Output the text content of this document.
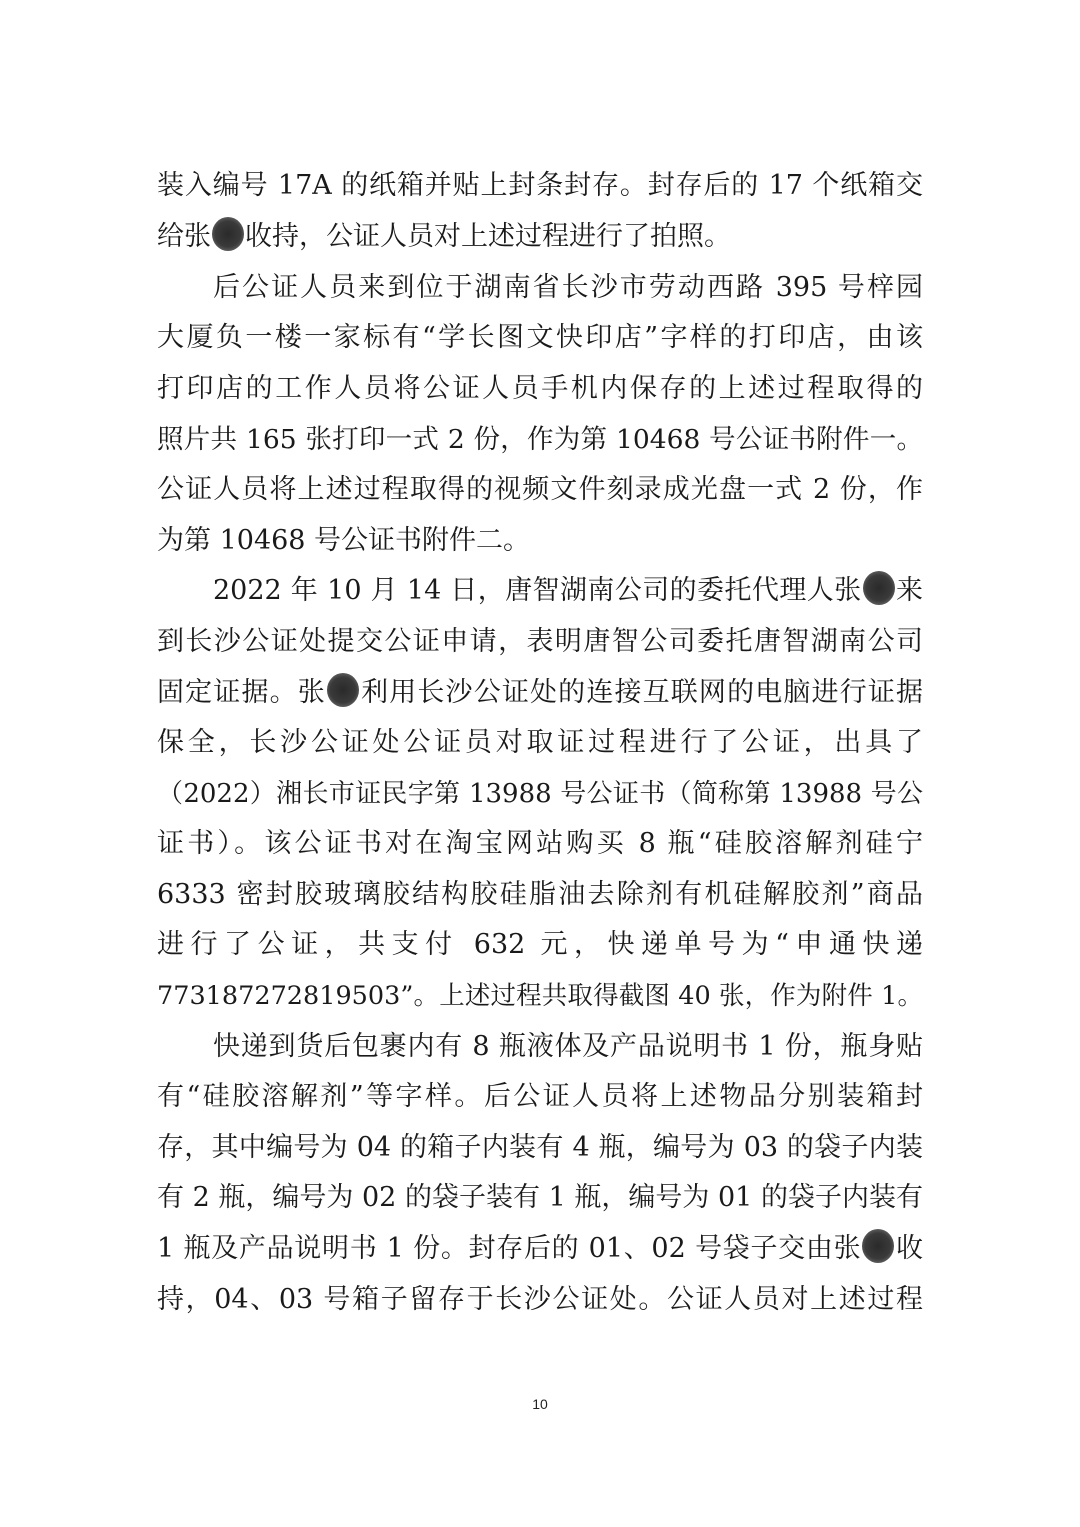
装入编号 17A 的纸箱并贴上封条封存。封存后的 17 个纸箱交
给张 收持，公证人员对上述过程进行了拍照。
后公证人员来到位于湖南省长沙市劳动西路 395 号梓园
大厦负一楼一家标有“学长图文快印店”字样的打印店，由该
打印店的工作人员将公证人员手机内保存的上述过程取得的
照片共 165 张打印一式 2 份，作为第 10468 号公证书附件一。
公证人员将上述过程取得的视频文件刻录成光盘一式 2 份，作
为第 10468 号公证书附件二。
2022 年 10 月 14 日，唐智湖南公司的委托代理人张 来
到长沙公证处提交公证申请，表明唐智公司委托唐智湖南公司
固定证据。张 利用长沙公证处的连接互联网的电脑进行证据
保全，长沙公证处公证员对取证过程进行了公证，出具了
（2022）湘长市证民字第 13988 号公证书（简称第 13988 号公
证书）。该公证书对在淘宝网站购买 8 瓶“硅胶溶解剂硅宁
6333 密封胶玻璃胶结构胶硅脂油去除剂有机硅解胶剂”商品
进行了公证，共支付 632 元，快递单号为“申通快递
773187272819503”。上述过程共取得截图 40 张，作为附件 1。
快递到货后包裹内有 8 瓶液体及产品说明书 1 份，瓶身贴
有“硅胶溶解剂”等字样。后公证人员将上述物品分别装箱封
存，其中编号为 04 的箱子内装有 4 瓶，编号为 03 的袋子内装
有 2 瓶，编号为 02 的袋子装有 1 瓶，编号为 01 的袋子内装有
1 瓶及产品说明书 1 份。封存后的 01、02 号袋子交由张 收
持，04、03 号箱子留存于长沙公证处。公证人员对上述过程
10
